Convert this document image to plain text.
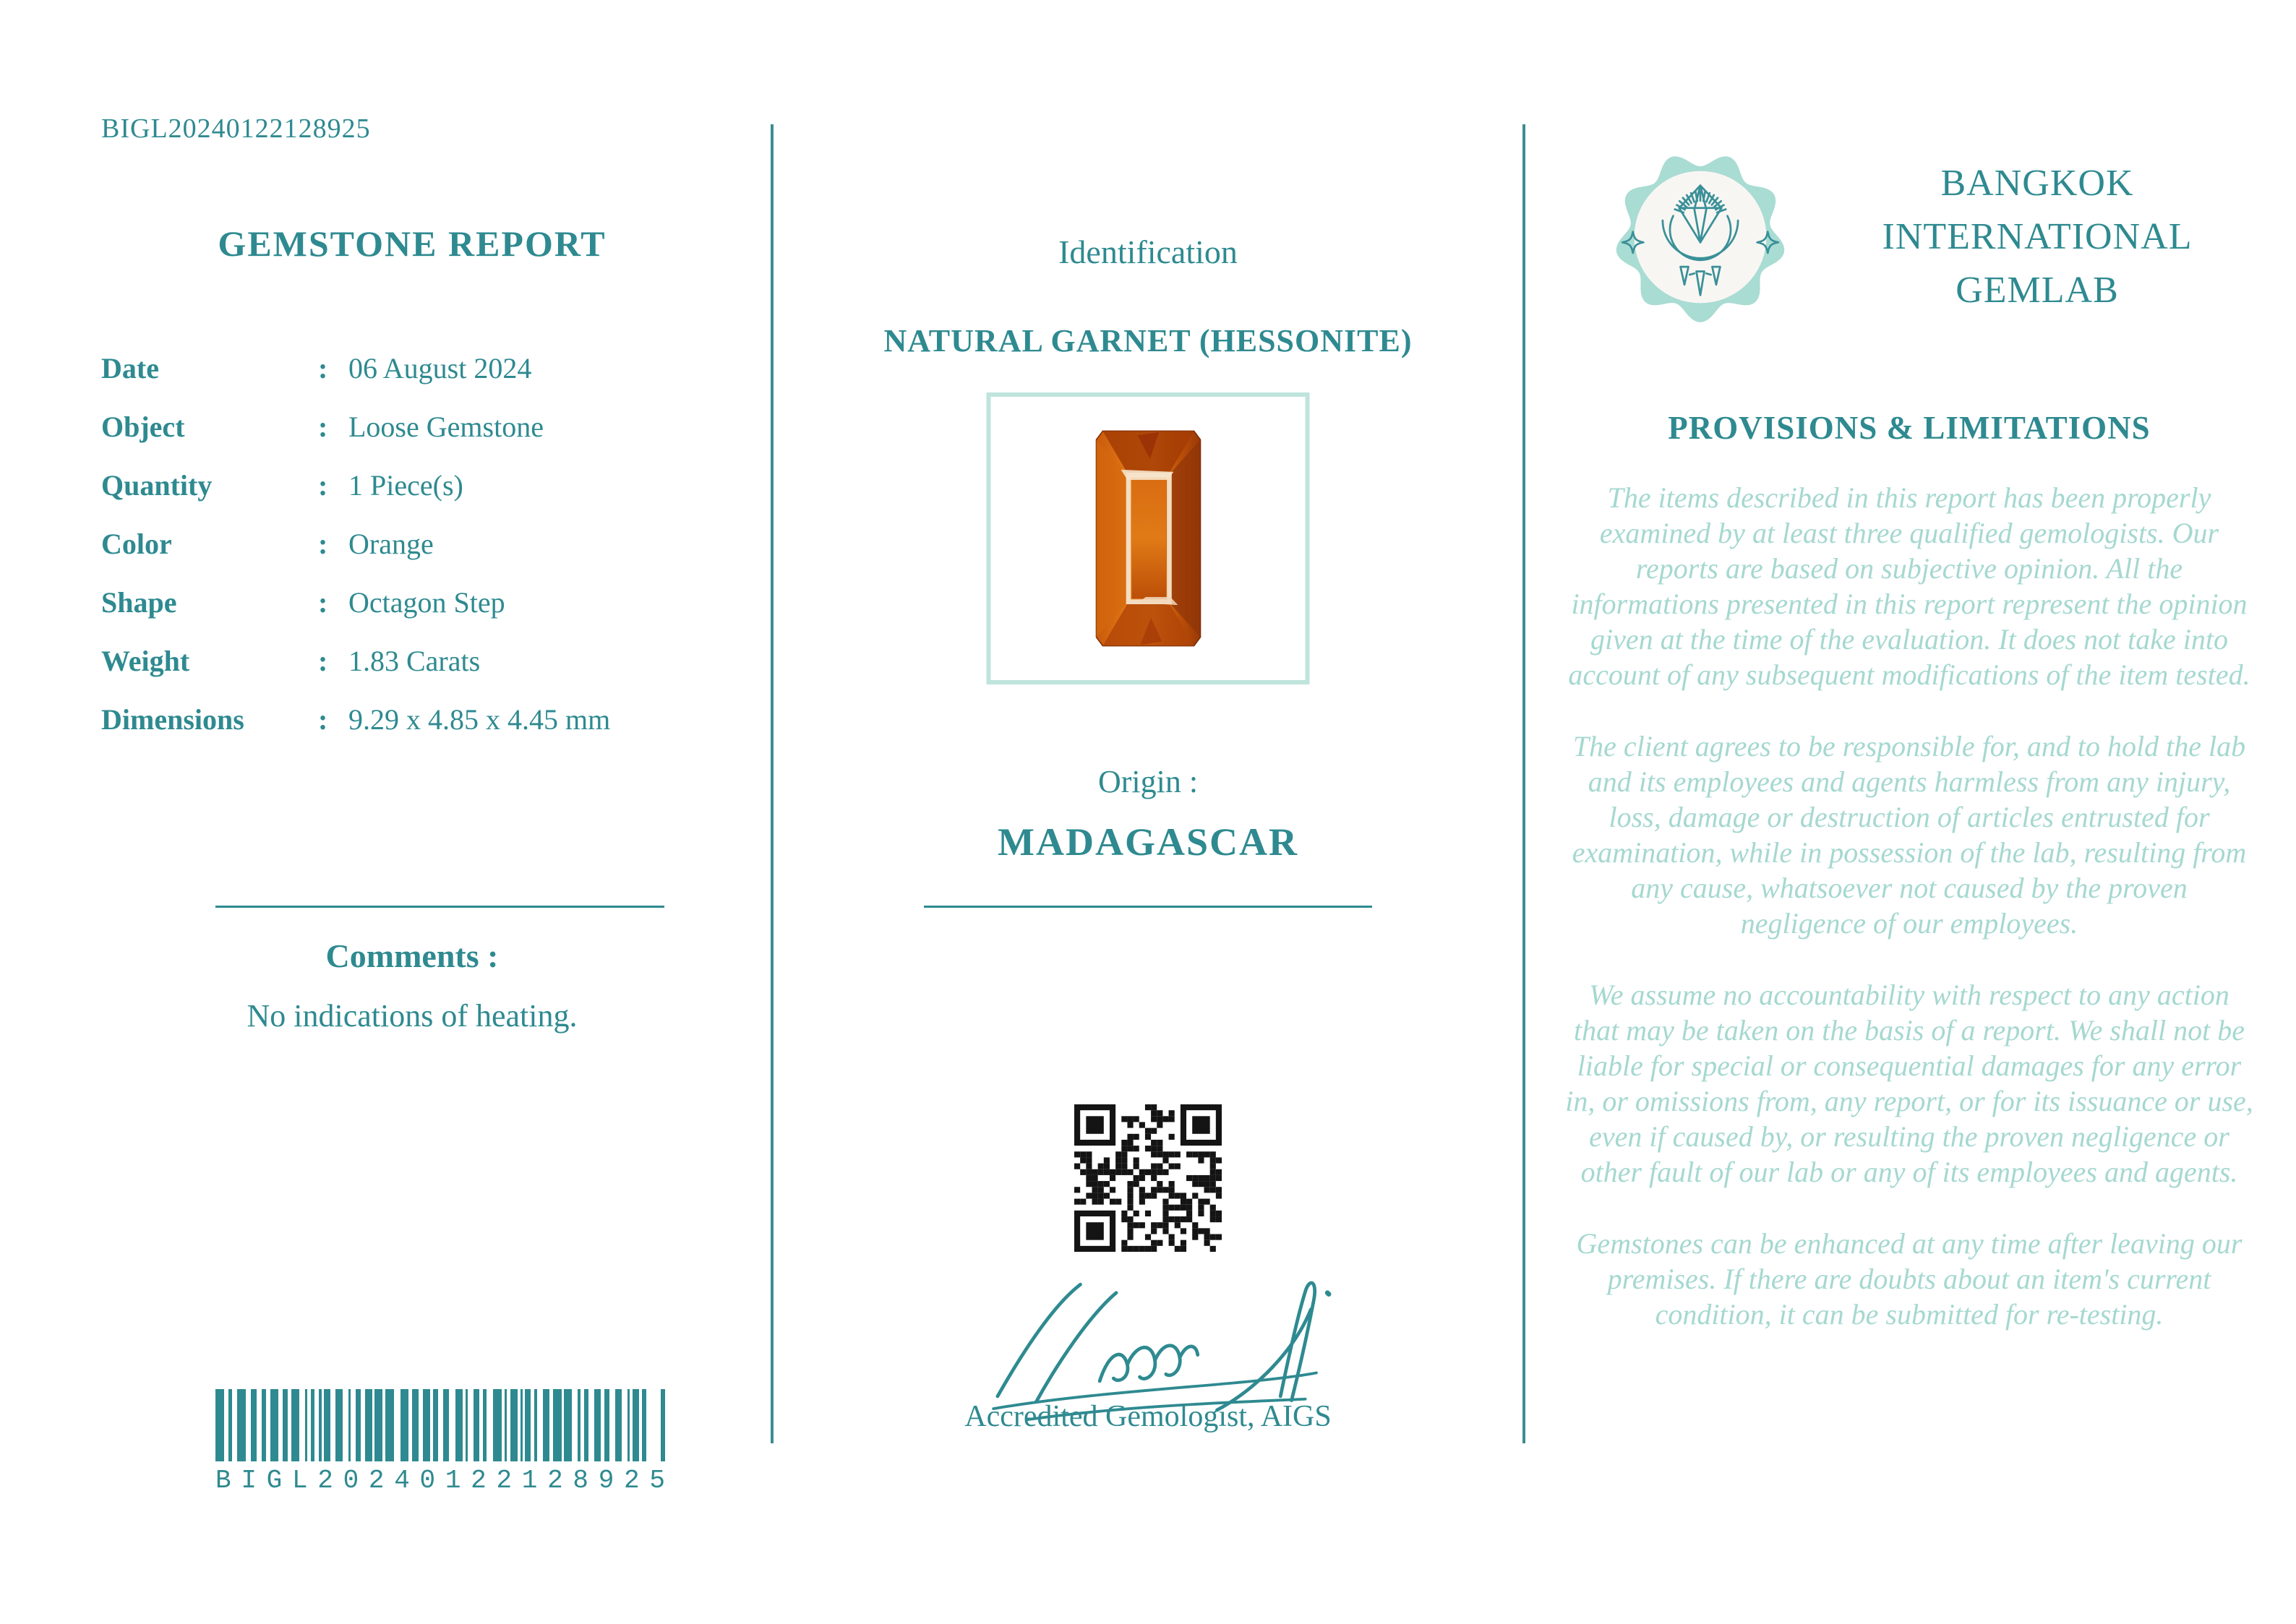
BIGL20240122128925
GEMSTONE REPORT
Date	: 06 August 2024
Object	: Loose Gemstone
Quantity	: 1 Piece(s)
Color	: Orange
Shape	: Octagon Step
Weight	: 1.83 Carats
Dimensions	: 9.29 x 4.85 x 4.45 mm
Comments :
No indications of heating.
B I G L 2 0 2 4 0 1 2 2 1 2 8 9 2 5
Identification
NATURAL GARNET (HESSONITE)
Origin :
MADAGASCAR
Accredited Gemologist, AIGS
BANGKOK
INTERNATIONAL
GEMLAB
PROVISIONS & LIMITATIONS

The items described in this report has been properly examined by at least three qualified gemologists. Our reports are based on subjective opinion. All the informations presented in this report represent the opinion given at the time of the evaluation. It does not take into account of any subsequent modifications of the item tested.

The client agrees to be responsible for, and to hold the lab and its employees and agents harmless from any injury, loss, damage or destruction of articles entrusted for examination, while in possession of the lab, resulting from any cause, whatsoever not caused by the proven negligence of our employees.

We assume no accountability with respect to any action that may be taken on the basis of a report. We shall not be liable for special or consequential damages for any error in, or omissions from, any report, or for its issuance or use, even if caused by, or resulting the proven negligence or other fault of our lab or any of its employees and agents.

Gemstones can be enhanced at any time after leaving our premises. If there are doubts about an item's current condition, it can be submitted for re-testing.
